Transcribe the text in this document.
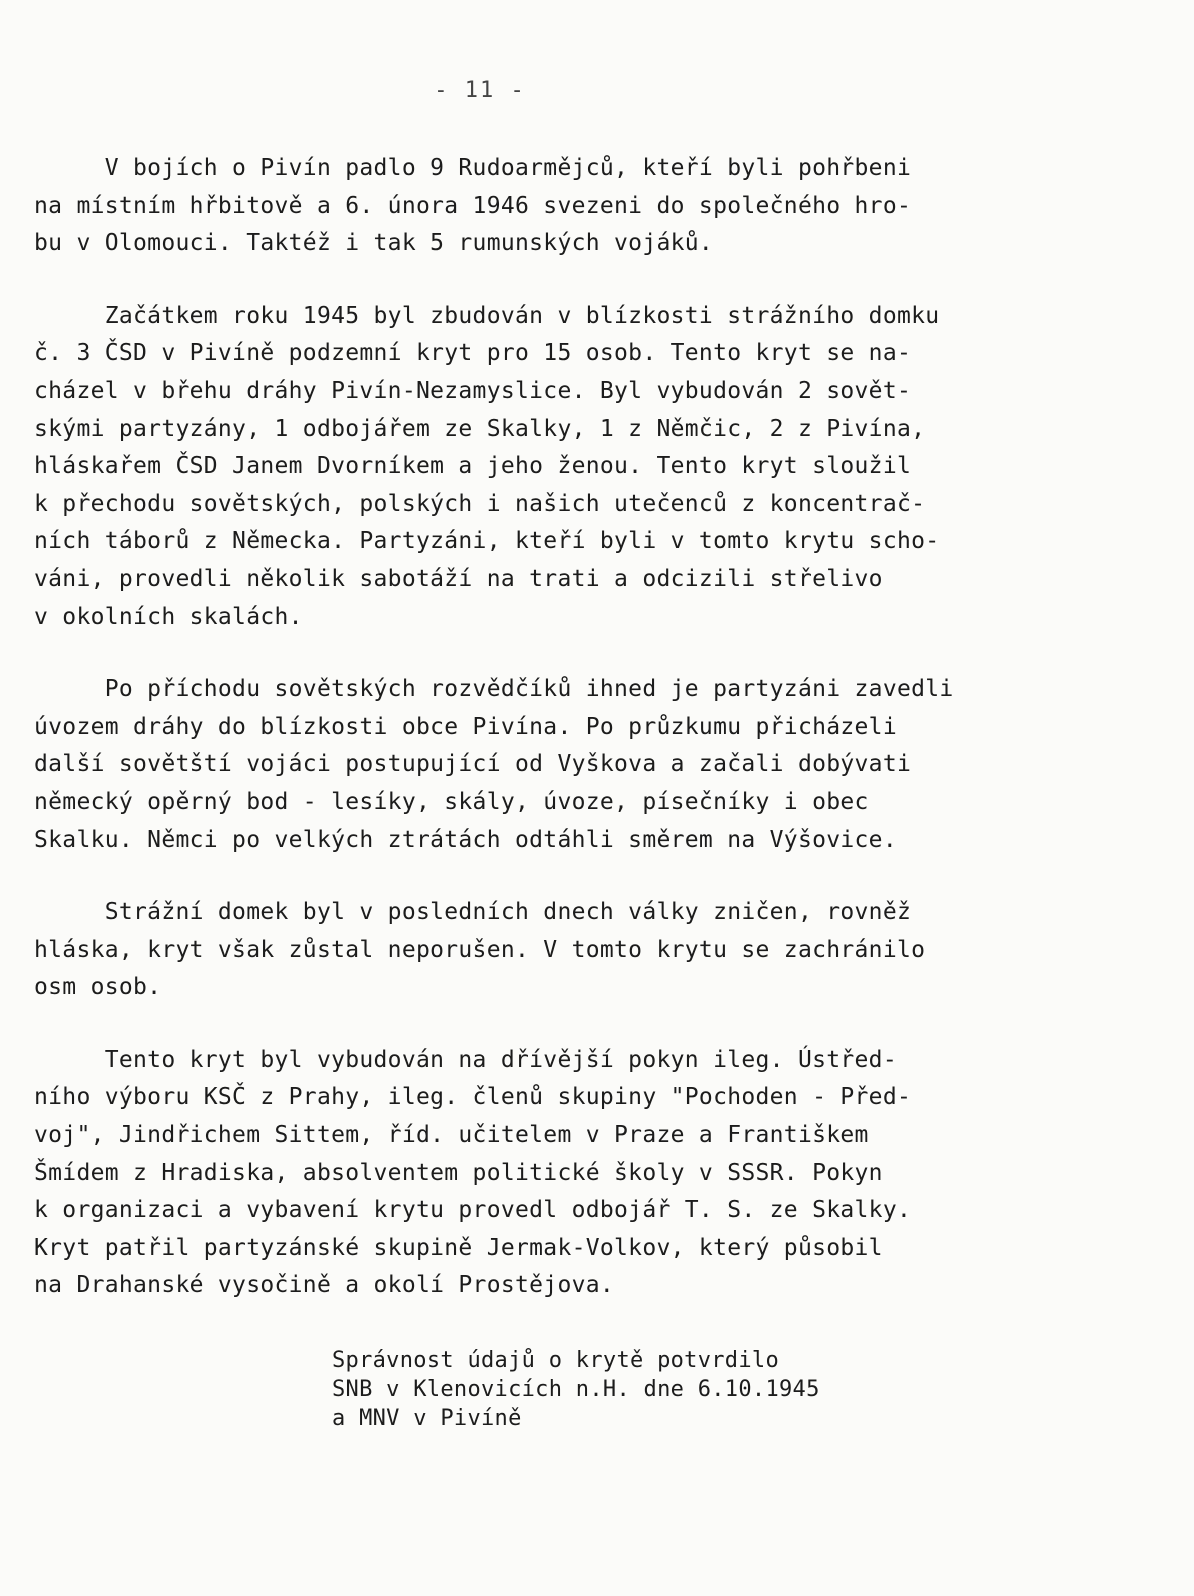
- 11 -
V bojích o Pivín padlo 9 Rudoarmějců, kteří byli pohřbeni
na místním hřbitově a 6. února 1946 svezeni do společného hro-
bu v Olomouci. Taktéž i tak 5 rumunských vojáků.
Začátkem roku 1945 byl zbudován v blízkosti strážního domku
č. 3 ČSD v Pivíně podzemní kryt pro 15 osob. Tento kryt se na-
cházel v břehu dráhy Pivín-Nezamyslice. Byl vybudován 2 sovět-
skými partyzány, 1 odbojářem ze Skalky, 1 z Němčic, 2 z Pivína,
hláskařem ČSD Janem Dvorníkem a jeho ženou. Tento kryt sloužil
k přechodu sovětských, polských i našich utečenců z koncentrač-
ních táborů z Německa. Partyzáni, kteří byli v tomto krytu scho-
váni, provedli několik sabotáží na trati a odcizili střelivo
v okolních skalách.
Po příchodu sovětských rozvědčíků ihned je partyzáni zavedli
úvozem dráhy do blízkosti obce Pivína. Po průzkumu přicházeli
další sovětští vojáci postupující od Vyškova a začali dobývati
německý opěrný bod - lesíky, skály, úvoze, písečníky i obec
Skalku. Němci po velkých ztrátách odtáhli směrem na Výšovice.
Strážní domek byl v posledních dnech války zničen, rovněž
hláska, kryt však zůstal neporušen. V tomto krytu se zachránilo
osm osob.
Tento kryt byl vybudován na dřívější pokyn ileg. Ústřed-
ního výboru KSČ z Prahy, ileg. členů skupiny "Pochoden - Před-
voj", Jindřichem Sittem, říd. učitelem v Praze a Františkem
Šmídem z Hradiska, absolventem politické školy v SSSR. Pokyn
k organizaci a vybavení krytu provedl odbojář T. S. ze Skalky.
Kryt patřil partyzánské skupině Jermak-Volkov, který působil
na Drahanské vysočině a okolí Prostějova.
Správnost údajů o krytě potvrdilo
SNB v Klenovicích n.H. dne 6.10.1945
a MNV v Pivíně
